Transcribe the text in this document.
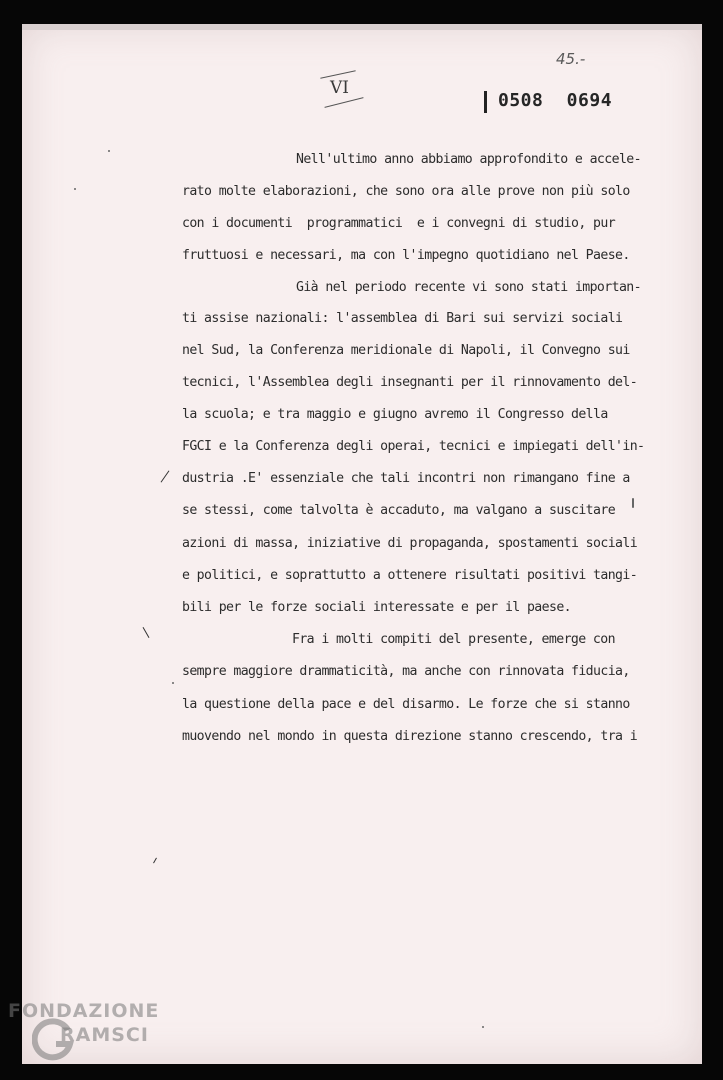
45.-
VI
0508 0694
Nell'ultimo anno abbiamo approfondito e accele-
rato molte elaborazioni, che sono ora alle prove non più solo
con i documenti  programmatici  e i convegni di studio, pur
fruttuosi e necessari, ma con l'impegno quotidiano nel Paese.
Già nel periodo recente vi sono stati importan-
ti assise nazionali: l'assemblea di Bari sui servizi sociali
nel Sud, la Conferenza meridionale di Napoli, il Convegno sui
tecnici, l'Assemblea degli insegnanti per il rinnovamento del-
la scuola; e tra maggio e giugno avremo il Congresso della
FGCI e la Conferenza degli operai, tecnici e impiegati dell'in-
dustria .E' essenziale che tali incontri non rimangano fine a
se stessi, come talvolta è accaduto, ma valgano a suscitare
azioni di massa, iniziative di propaganda, spostamenti sociali
e politici, e soprattutto a ottenere risultati positivi tangi-
bili per le forze sociali interessate e per il paese.
Fra i molti compiti del presente, emerge con
sempre maggiore drammaticità, ma anche con rinnovata fiducia,
la questione della pace e del disarmo. Le forze che si stanno
muovendo nel mondo in questa direzione stanno crescendo, tra i
FONDAZIONE
RAMSCI
